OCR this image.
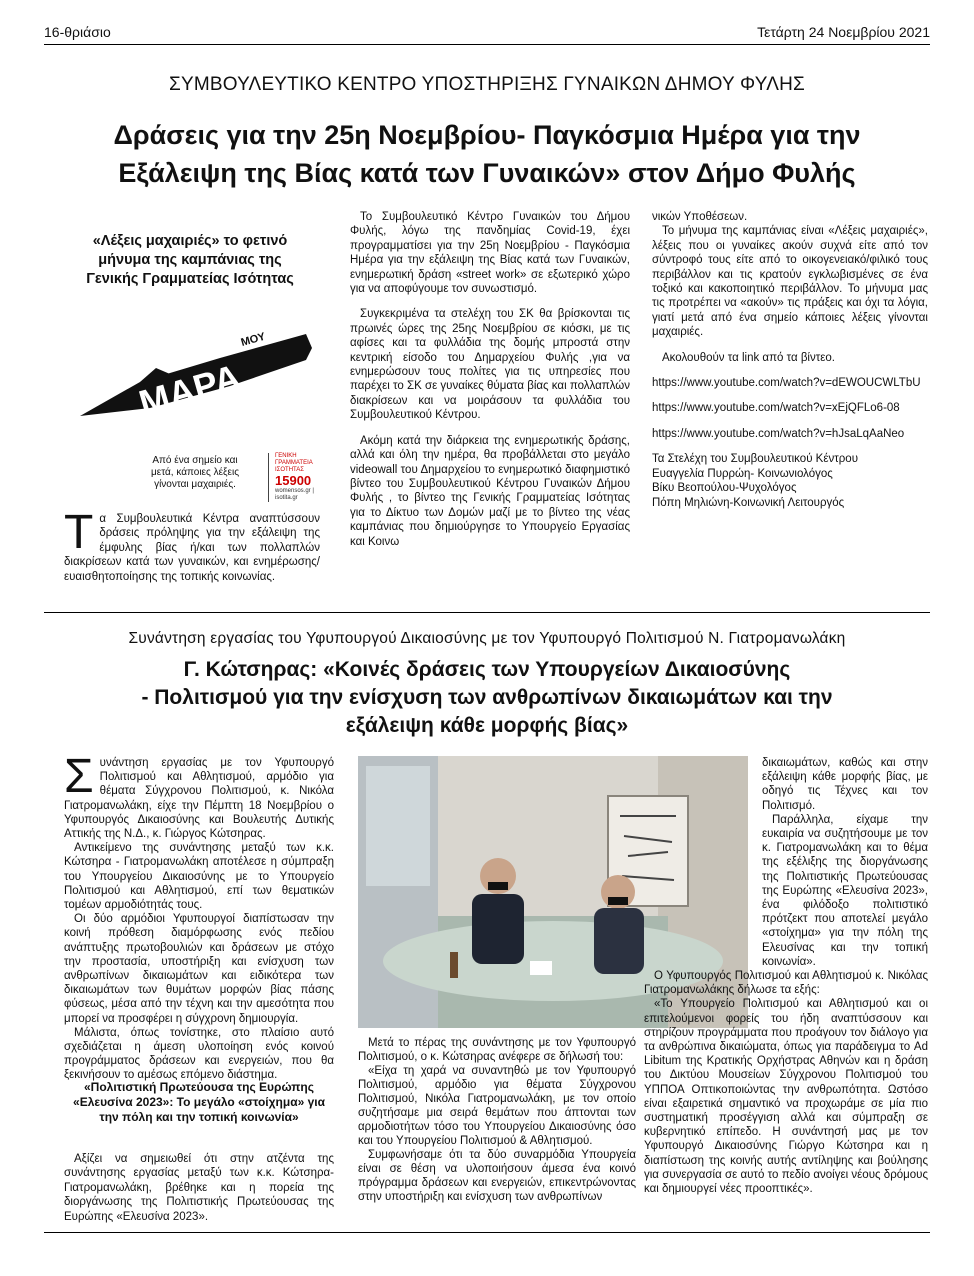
16-θριάσιο	Τετάρτη 24 Νοεμβρίου 2021
ΣΥΜΒΟΥΛΕΥΤΙΚΟ ΚΕΝΤΡΟ ΥΠΟΣΤΗΡΙΞΗΣ ΓΥΝΑΙΚΩΝ ΔΗΜΟΥ ΦΥΛΗΣ
Δράσεις για την 25η Νοεμβρίου- Παγκόσμια Ημέρα για την
Εξάλειψη της Βίας κατά των Γυναικών» στον Δήμο Φυλής
«Λέξεις μαχαιριές» το φετινό
μήνυμα της καμπάνιας της
Γενικής Γραμματείας Ισότητας
ΜΑΡΑ
ΜΟΥ
Από ένα σημείο και
μετά, κάποιες λέξεις
γίνονται μαχαιριές.
ΓΕΝΙΚΗ ΓΡΑΜΜΑΤΕΙΑ
ΙΣΟΤΗΤΑΣ
15900
womensos.gr | isotita.gr
Τ α Συμβουλευτικά Κέντρα αναπτύσσουν δράσεις πρόληψης για την εξάλειψη της έμφυλης βίας ή/και των πολλαπλών διακρίσεων κατά των γυναικών, και ενημέρωσης/ευαισθητοποίησης της τοπικής κοινωνίας.

Το Συμβουλευτικό Κέντρο Γυναικών του Δήμου Φυλής, λόγω της πανδημίας Covid-19, έχει προγραμματίσει για την 25η Νοεμβρίου - Παγκόσμια Ημέρα για την εξάλειψη της Βίας κατά των Γυναικών, ενημερωτική δράση «street work» σε εξωτερικό χώρο για να αποφύγουμε τον συνωστισμό.

Συγκεκριμένα τα στελέχη του ΣΚ θα βρίσκονται τις πρωινές ώρες της 25ης Νοεμβρίου σε κιόσκι, με τις αφίσες και τα φυλλάδια της δομής μπροστά στην κεντρική είσοδο του Δημαρχείου Φυλής ,για να ενημερώσουν τους πολίτες για τις υπηρεσίες που παρέχει το ΣΚ σε γυναίκες θύματα βίας και πολλαπλών διακρίσεων και να μοιράσουν τα φυλλάδια του Συμβουλευτικού Κέντρου.

Ακόμη κατά την διάρκεια της ενημερωτικής δράσης, αλλά και όλη την ημέρα, θα προβάλλεται στο μεγάλο videowall του Δημαρχείου το ενημερωτικό διαφημιστικό βίντεο του Συμβουλευτικού Κέντρου Γυναικών Δήμου Φυλής , το βίντεο της Γενικής Γραμματείας Ισότητας για το Δίκτυο των Δομών μαζί με το βίντεο της νέας καμπάνιας που δημιούργησε το Υπουργείο Εργασίας και Κοινω

νικών Υποθέσεων.

Το μήνυμα της καμπάνιας είναι «Λέξεις μαχαιριές», λέξεις που οι γυναίκες ακούν συχνά είτε από τον σύντροφό τους είτε από το οικογενειακό/φιλικό τους περιβάλλον και τις κρατούν εγκλωβισμένες σε ένα τοξικό και κακοποιητικό περιβάλλον. Το μήνυμα μας τις προτρέπει να «ακούν» τις πράξεις και όχι τα λόγια, γιατί μετά από ένα σημείο κάποιες λέξεις γίνονται μαχαιριές.

Ακολουθούν τα link από τα βίντεο.

https://www.youtube.com/watch?v=dEWOUCWLTbU

https://www.youtube.com/watch?v=xEjQFLo6-08

https://www.youtube.com/watch?v=hJsaLqAaNeo

Τα Στελέχη του Συμβουλευτικού Κέντρου
Ευαγγελία Πυρρώη- Κοινωνιολόγος
Βίκυ Βεοπούλου-Ψυχολόγος
Πόπη Μηλιώνη-Κοινωνική Λειτουργός

Συνάντηση εργασίας του Υφυπουργού Δικαιοσύνης με τον Υφυπουργό Πολιτισμού Ν. Γιατρομανωλάκη
Γ. Κώτσηρας: «Κοινές δράσεις των Υπουργείων Δικαιοσύνης
- Πολιτισμού για την ενίσχυση των ανθρωπίνων δικαιωμάτων και την
εξάλειψη κάθε μορφής βίας»
Σ υνάντηση εργασίας με τον Υφυπουργό Πολιτισμού και Αθλητισμού, αρμόδιο για θέματα Σύγχρονου Πολιτισμού, κ. Νικόλα Γιατρομανωλάκη, είχε την Πέμπτη 18 Νοεμβρίου ο Υφυπουργός Δικαιοσύνης και Βουλευτής Δυτικής Αττικής της Ν.Δ., κ. Γιώργος Κώτσηρας.

Αντικείμενο της συνάντησης μεταξύ των κ.κ. Κώτσηρα - Γιατρομανωλάκη αποτέλεσε η σύμπραξη του Υπουργείου Δικαιοσύνης με το Υπουργείο Πολιτισμού και Αθλητισμού, επί των θεματικών τομέων αρμοδιότητάς τους.

Οι δύο αρμόδιοι Υφυπουργοί διαπίστωσαν την κοινή πρόθεση διαμόρφωσης ενός πεδίου ανάπτυξης πρωτοβουλιών και δράσεων με στόχο την προστασία, υποστήριξη και ενίσχυση των ανθρωπίνων δικαιωμάτων και ειδικότερα των δικαιωμάτων των θυμάτων μορφών βίας πάσης φύσεως, μέσα από την τέχνη και την αμεσότητα που μπορεί να προσφέρει η σύγχρονη δημιουργία.

Μάλιστα, όπως τονίστηκε, στο πλαίσιο αυτό σχεδιάζεται η άμεση υλοποίηση ενός κοινού προγράμματος δράσεων και ενεργειών, που θα ξεκινήσουν το αμέσως επόμενο διάστημα.

«Πολιτιστική Πρωτεύουσα της Ευρώπης
«Ελευσίνα 2023»: Το μεγάλο «στοίχημα» για
την πόλη και την τοπική κοινωνία»

Αξίζει να σημειωθεί ότι στην ατζέντα της συνάντησης εργασίας μεταξύ των κ.κ. Κώτσηρα-Γιατρομανωλάκη, βρέθηκε και η πορεία της διοργάνωσης της Πολιτιστικής Πρωτεύουσας της Ευρώπης «Ελευσίνα 2023».

Μετά το πέρας της συνάντησης με τον Υφυπουργό Πολιτισμού, ο κ. Κώτσηρας ανέφερε σε δήλωσή του:

«Είχα τη χαρά να συναντηθώ με τον Υφυπουργό Πολιτισμού, αρμόδιο για θέματα Σύγχρονου Πολιτισμού, Νικόλα Γιατρομανωλάκη, με τον οποίο συζητήσαμε μια σειρά θεμάτων που άπτονται των αρμοδιοτήτων τόσο του Υπουργείου Δικαιοσύνης όσο και του Υπουργείου Πολιτισμού & Αθλητισμού.

Συμφωνήσαμε ότι τα δύο συναρμόδια Υπουργεία είναι σε θέση να υλοποιήσουν άμεσα ένα κοινό πρόγραμμα δράσεων και ενεργειών, επικεντρώνοντας στην υποστήριξη και ενίσχυση των ανθρωπίνων

δικαιωμάτων, καθώς και στην εξάλειψη κάθε μορφής βίας, με οδηγό τις Τέχνες και τον Πολιτισμό.

Παράλληλα, είχαμε την ευκαιρία να συζητήσουμε με τον κ. Γιατρομανωλάκη και το θέμα της εξέλιξης της διοργάνωσης της Πολιτιστικής Πρωτεύουσας της Ευρώπης «Ελευσίνα 2023», ένα φιλόδοξο πολιτιστικό πρότζεκτ που αποτελεί μεγάλο «στοίχημα» για την πόλη της Ελευσίνας και την τοπική κοινωνία».

Ο Υφυπουργός Πολιτισμού και Αθλητισμού κ. Νικόλας Γιατρομανωλάκης δήλωσε τα εξής:

«Το Υπουργείο Πολιτισμού και Αθλητισμού και οι επιτελούμενοι φορείς του ήδη αναπτύσσουν και στηρίζουν προγράμματα που προάγουν τον διάλογο για τα ανθρώπινα δικαιώματα, όπως για παράδειγμα το Ad Libitum της Κρατικής Ορχήστρας Αθηνών και η δράση του Δικτύου Μουσείων Σύγχρονου Πολιτισμού του ΥΠΠΟΑ Οπτικοποιώντας την ανθρωπότητα. Ωστόσο είναι εξαιρετικά σημαντικό να προχωράμε σε μία πιο συστηματική προσέγγιση αλλά και σύμπραξη σε κυβερνητικό επίπεδο. Η συνάντησή μας με τον Υφυπουργό Δικαιοσύνης Γιώργο Κώτσηρα και η διαπίστωση της κοινής αυτής αντίληψης και βούλησης για συνεργασία σε αυτό το πεδίο ανοίγει νέους δρόμους και δημιουργεί νέες προοπτικές».
